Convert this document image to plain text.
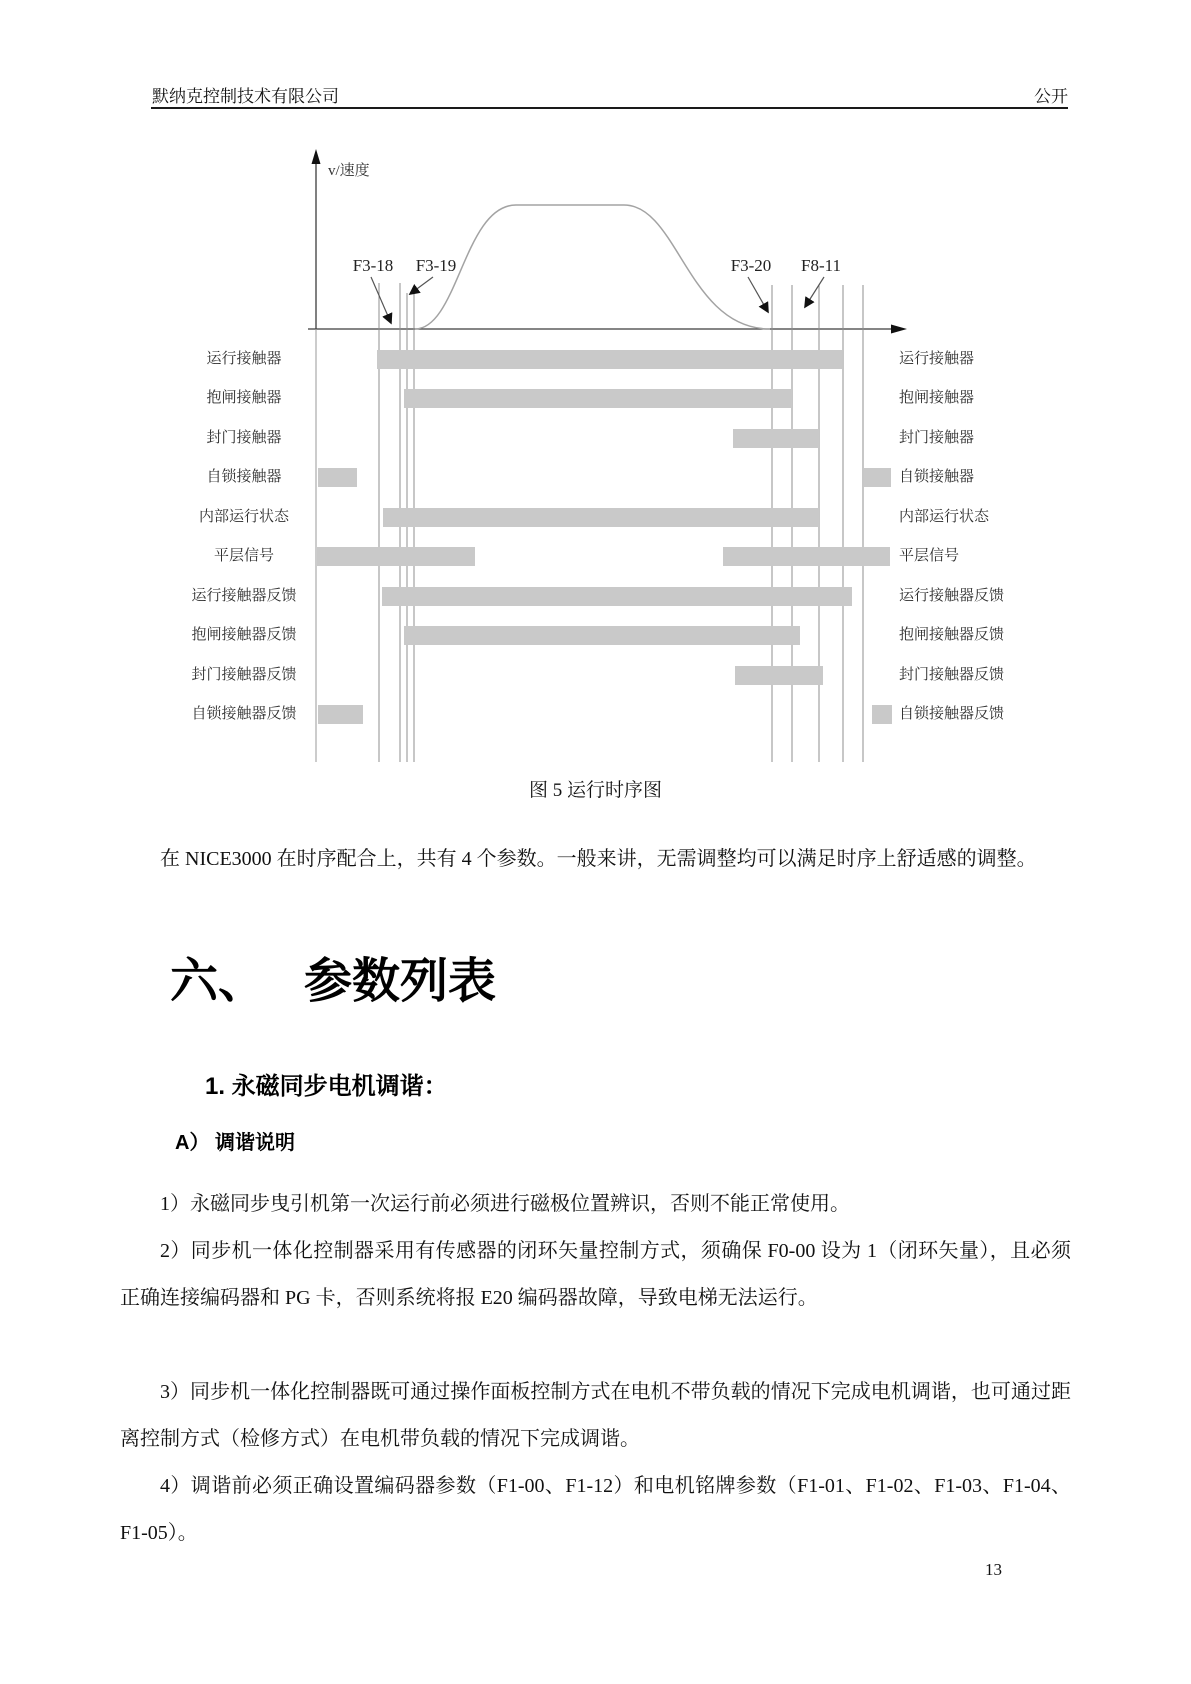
默纳克控制技术有限公司	公开
v/速度
F3-18 F3-19	F3-20 F8-11
运行接触器	运行接触器
抱闸接触器	抱闸接触器
封门接触器	封门接触器
自锁接触器	自锁接触器
内部运行状态	内部运行状态
平层信号	平层信号
运行接触器反馈	运行接触器反馈
抱闸接触器反馈	抱闸接触器反馈
封门接触器反馈	封门接触器反馈
自锁接触器反馈	自锁接触器反馈
图 5 运行时序图

在 NICE3000 在时序配合上，共有 4 个参数。一般来讲，无需调整均可以满足时序上舒适感的调整。

六、 参数列表
1. 永磁同步电机调谐：
A） 调谐说明

1）永磁同步曳引机第一次运行前必须进行磁极位置辨识，否则不能正常使用。

2）同步机一体化控制器采用有传感器的闭环矢量控制方式，须确保 F0-00 设为 1（闭环矢量），且必须正确连接编码器和 PG 卡，否则系统将报 E20 编码器故障，导致电梯无法运行。

3）同步机一体化控制器既可通过操作面板控制方式在电机不带负载的情况下完成电机调谐，也可通过距离控制方式（检修方式）在电机带负载的情况下完成调谐。

4）调谐前必须正确设置编码器参数（F1-00、F1-12）和电机铭牌参数（F1-01、F1-02、F1-03、F1-04、F1-05）。

13
